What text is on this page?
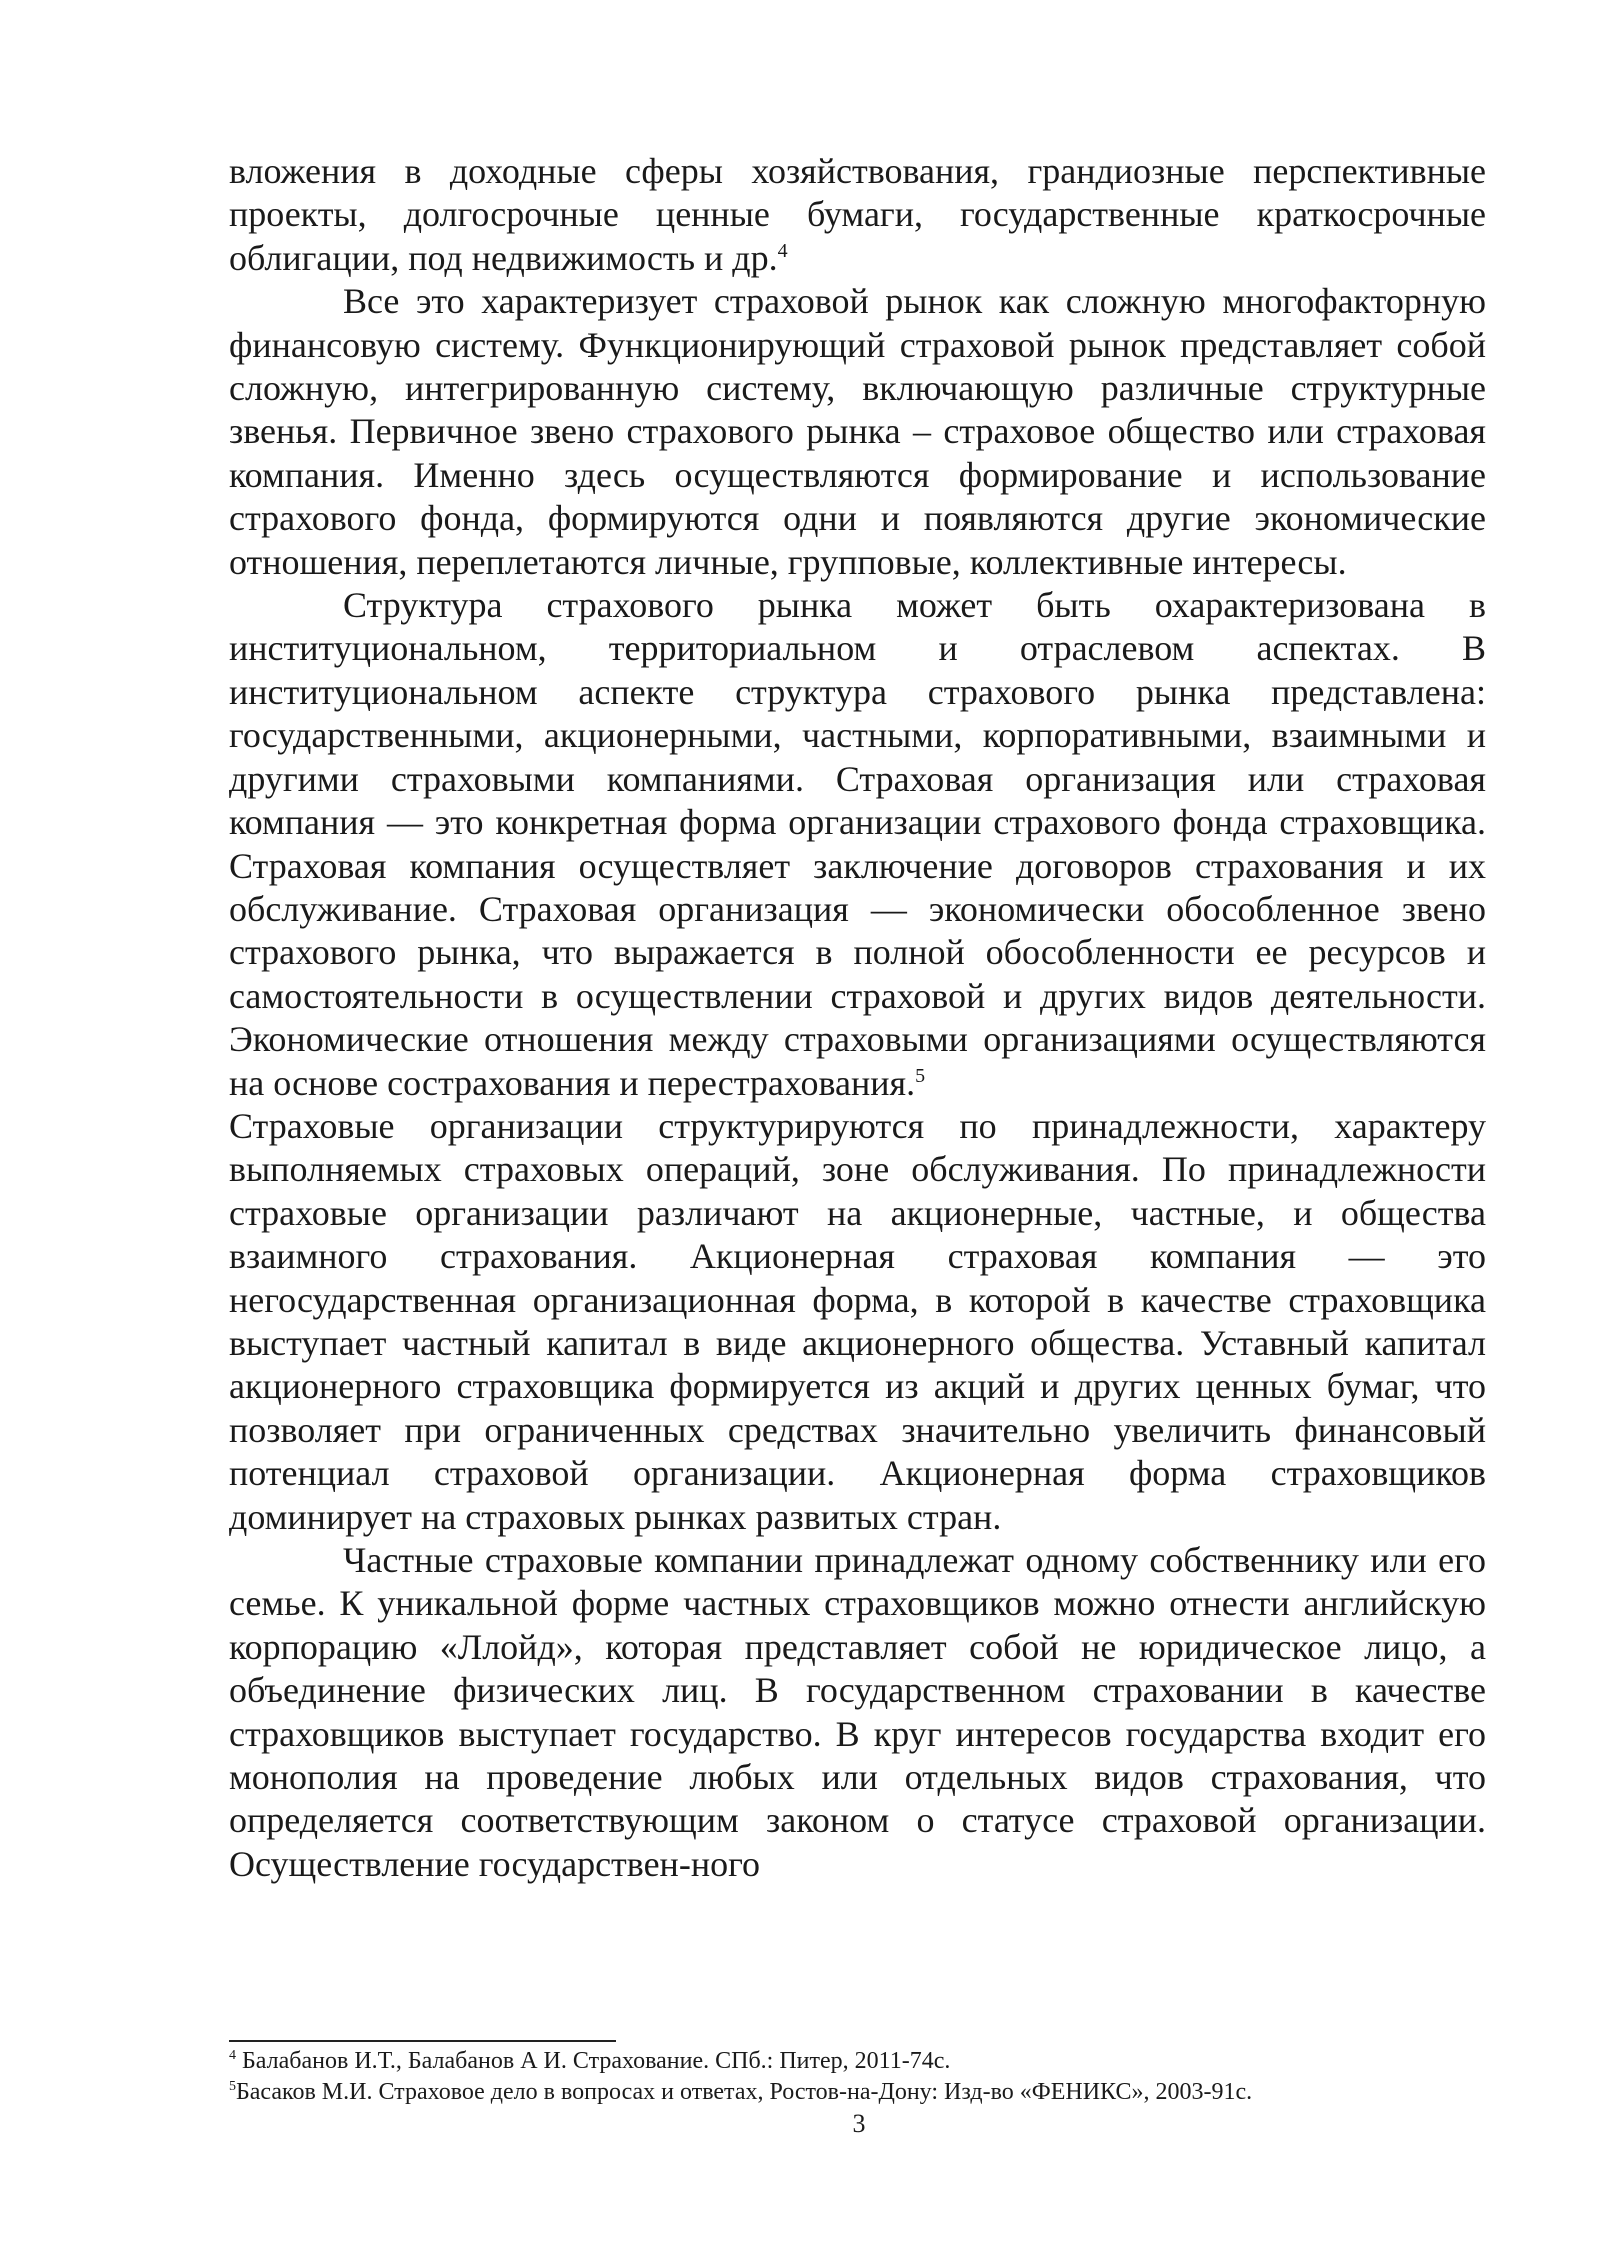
вложения в доходные сферы хозяйствования, грандиозные перспективные проекты, долгосрочные ценные бумаги, государственные краткосрочные облигации, под недвижимость и др.$^4$

Все это характеризует страховой рынок как сложную многофакторную финансовую систему. Функционирующий страховой рынок представляет собой сложную, интегрированную систему, включающую различные структурные звенья. Первичное звено страхового рынка – страховое общество или страховая компания. Именно здесь осуществляются формирование и использование страхового фонда, формируются одни и появляются другие экономические отношения, переплетаются личные, групповые, коллективные интересы.

Структура страхового рынка может быть охарактеризована в институциональном, территориальном и отраслевом аспектах. В институциональном аспекте структура страхового рынка представлена: государственными, акционерными, частными, корпоративными, взаимными и другими страховыми компаниями. Страховая организация или страховая компания — это конкретная форма организации страхового фонда страховщика. Страховая компания осуществляет заключение договоров страхования и их обслуживание. Страховая организация — экономически обособленное звено страхового рынка, что выражается в полной обособленности ее ресурсов и самостоятельности в осуществлении страховой и других видов деятельности. Экономические отношения между страховыми организациями осуществляются на основе сострахования и перестрахования.$^5$

Страховые организации структурируются по принадлежности, характеру выполняемых страховых операций, зоне обслуживания. По принадлежности страховые организации различают на акционерные, частные, и общества взаимного страхования. Акционерная страховая компания — это негосударственная организационная форма, в которой в качестве страховщика выступает частный капитал в виде акционерного общества. Уставный капитал акционерного страховщика формируется из акций и других ценных бумаг, что позволяет при ограниченных средствах значительно увеличить финансовый потенциал страховой организации. Акционерная форма страховщиков доминирует на страховых рынках развитых стран.

Частные страховые компании принадлежат одному собственнику или его семье. К уникальной форме частных страховщиков можно отнести английскую корпорацию «Ллойд», которая представляет собой не юридическое лицо, а объединение физических лиц. В государственном страховании в качестве страховщиков выступает государство. В круг интересов государства входит его монополия на проведение любых или отдельных видов страхования, что определяется соответствующим законом о статусе страховой организации. Осуществление государствен-ного

$^4$ Балабанов И.Т., Балабанов А И. Страхование. СПб.: Питер, 2011-74с.

$^5$Басаков М.И. Страховое дело в вопросах и ответах, Ростов-на-Дону: Изд-во «ФЕНИКС», 2003-91с.

3
